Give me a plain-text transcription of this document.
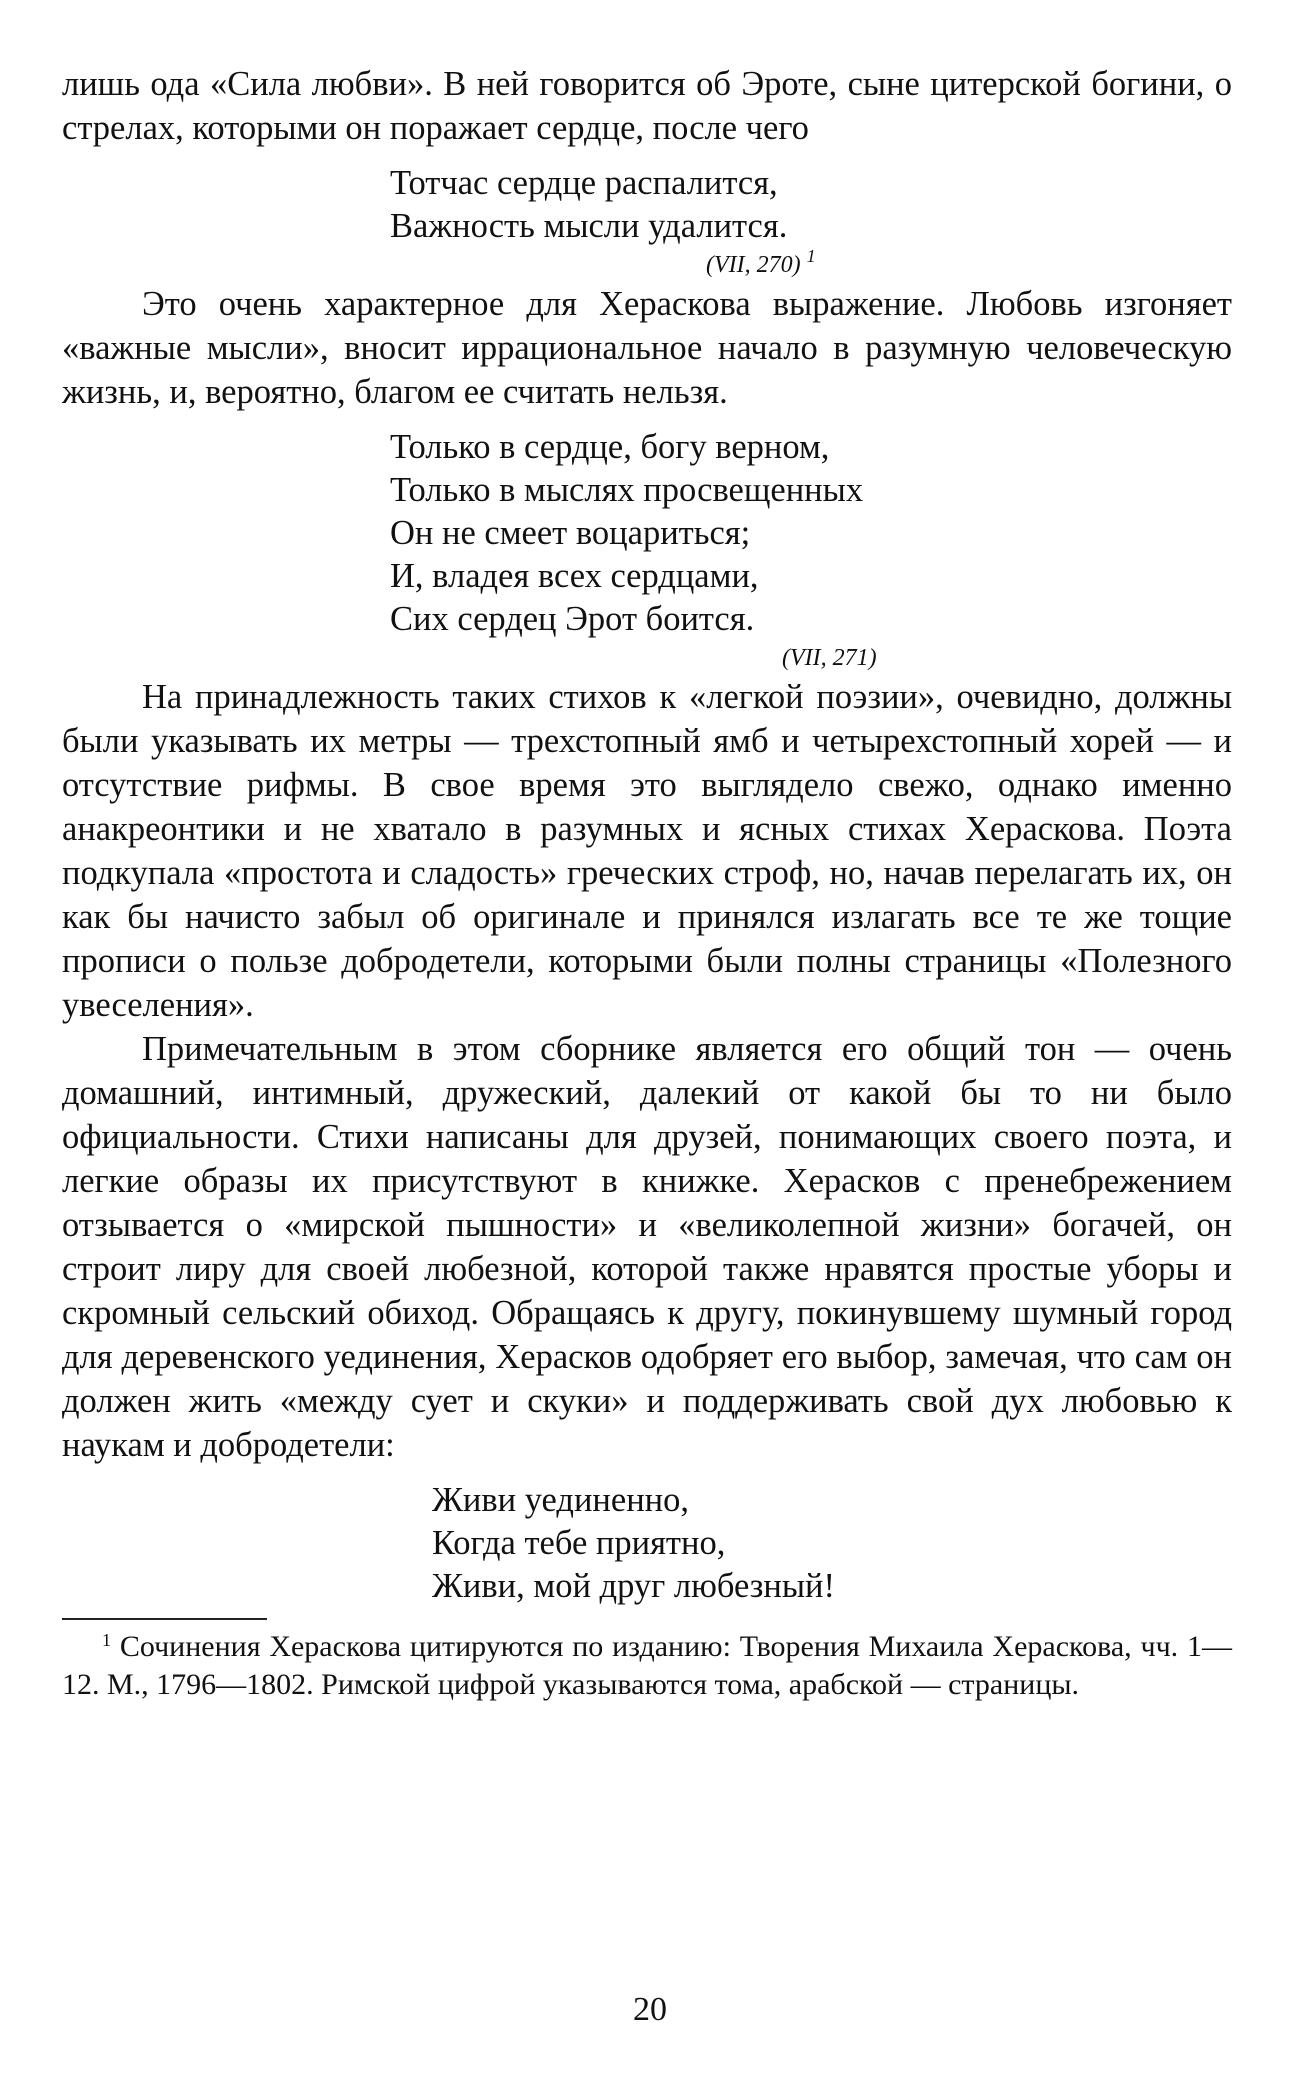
лишь ода «Сила любви». В ней говорится об Эроте, сыне цитерской богини, о стрелах, которыми он поражает сердце, после чего

Тотчас сердце распалится,
Важность мысли удалится.
(VII, 270) $^1$

Это очень характерное для Хераскова выражение. Любовь изгоняет «важные мысли», вносит иррациональное начало в разумную человеческую жизнь, и, вероятно, благом ее считать нельзя.

Только в сердце, богу верном,
Только в мыслях просвещенных
Он не смеет воцариться;
И, владея всех сердцами,
Сих сердец Эрот боится.
(VII, 271)

На принадлежность таких стихов к «легкой поэзии», очевидно, должны были указывать их метры — трехстопный ямб и четырехстопный хорей — и отсутствие рифмы. В свое время это выглядело свежо, однако именно анакреонтики и не хватало в разумных и ясных стихах Хераскова. Поэта подкупала «простота и сладость» греческих строф, но, начав перелагать их, он как бы начисто забыл об оригинале и принялся излагать все те же тощие прописи о пользе добродетели, которыми были полны страницы «Полезного увеселения».

Примечательным в этом сборнике является его общий тон — очень домашний, интимный, дружеский, далекий от какой бы то ни было официальности. Стихи написаны для друзей, понимающих своего поэта, и легкие образы их присутствуют в книжке. Херасков с пренебрежением отзывается о «мирской пышности» и «великолепной жизни» богачей, он строит лиру для своей любезной, которой также нравятся простые уборы и скромный сельский обиход. Обращаясь к другу, покинувшему шумный город для деревенского уединения, Херасков одобряет его выбор, замечая, что сам он должен жить «между сует и скуки» и поддерживать свой дух любовью к наукам и добродетели:

Живи уединенно,
Когда тебе приятно,
Живи, мой друг любезный!

$^1$ Сочинения Хераскова цитируются по изданию: Творения Михаила Хераскова, чч. 1—12. М., 1796—1802. Римской цифрой указываются тома, арабской — страницы.

20
